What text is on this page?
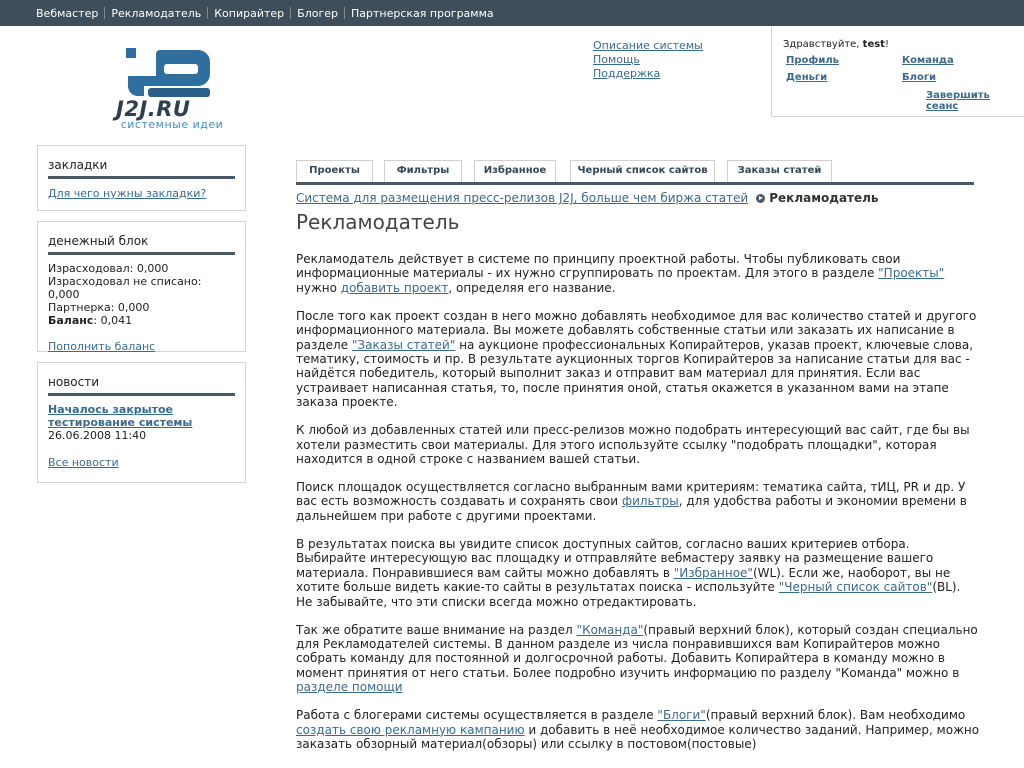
Вебмастер	Рекламодатель	Копирайтер	Блогер	Партнерская программа
J2J.RU
системные идеи
Описание системы
Помощь
Поддержка
Здравствуйте, test!
Профиль	Команда
Деньги	Блоги
Завершить сеанс
закладки
Для чего нужны закладки?
денежный блок
Израсходовал: 0,000
Израсходовал не списано: 0,000
Партнерка: 0,000
Баланс: 0,041
Пополнить баланс
новости
Началось закрытое тестирование системы
26.06.2008 11:40
Все новости
Проекты	Фильтры	Избранное	Черный список сайтов	Заказы статей
Система для размещения пресс-релизов J2J, больше чем биржа статей Рекламодатель
Рекламодатель

Рекламодатель действует в системе по принципу проектной работы. Чтобы публиковать свои информационные материалы - их нужно сгруппировать по проектам. Для этого в разделе "Проекты" нужно добавить проект, определяя его название.

После того как проект создан в него можно добавлять необходимое для вас количество статей и другого информационного материала. Вы можете добавлять собственные статьи или заказать их написание в разделе "Заказы статей" на аукционе профессиональных Копирайтеров, указав проект, ключевые слова, тематику, стоимость и пр. В результате аукционных торгов Копирайтеров за написание статьи для вас - найдётся победитель, который выполнит заказ и отправит вам материал для принятия. Если вас устраивает написанная статья, то, после принятия оной, статья окажется в указанном вами на этапе заказа проекте.

К любой из добавленных статей или пресс-релизов можно подобрать интересующий вас сайт, где бы вы хотели разместить свои материалы. Для этого используйте ссылку "подобрать площадки", которая находится в одной строке с названием вашей статьи.

Поиск площадок осуществляется согласно выбранным вами критериям: тематика сайта, тИЦ, PR и др. У вас есть возможность создавать и сохранять свои фильтры, для удобства работы и экономии времени в дальнейшем при работе с другими проектами.

В результатах поиска вы увидите список доступных сайтов, согласно ваших критериев отбора. Выбирайте интересующую вас площадку и отправляйте вебмастеру заявку на размещение вашего материала. Понравившиеся вам сайты можно добавлять в "Избранное"(WL). Если же, наоборот, вы не хотите больше видеть какие-то сайты в результатах поиска - используйте "Черный список сайтов"(BL). Не забывайте, что эти списки всегда можно отредактировать.

Так же обратите ваше внимание на раздел "Команда"(правый верхний блок), который создан специально для Рекламодателей системы. В данном разделе из числа понравившихся вам Копирайтеров можно собрать команду для постоянной и долгосрочной работы. Добавить Копирайтера в команду можно в момент принятия от него статьи. Более подробно изучить информацию по разделу "Команда" можно в разделе помощи

Работа с блогерами системы осуществляется в разделе "Блоги"(правый верхний блок). Вам необходимо создать свою рекламную кампанию и добавить в неё необходимое количество заданий. Например, можно заказать обзорный материал(обзоры) или ссылку в постовом(постовые)
